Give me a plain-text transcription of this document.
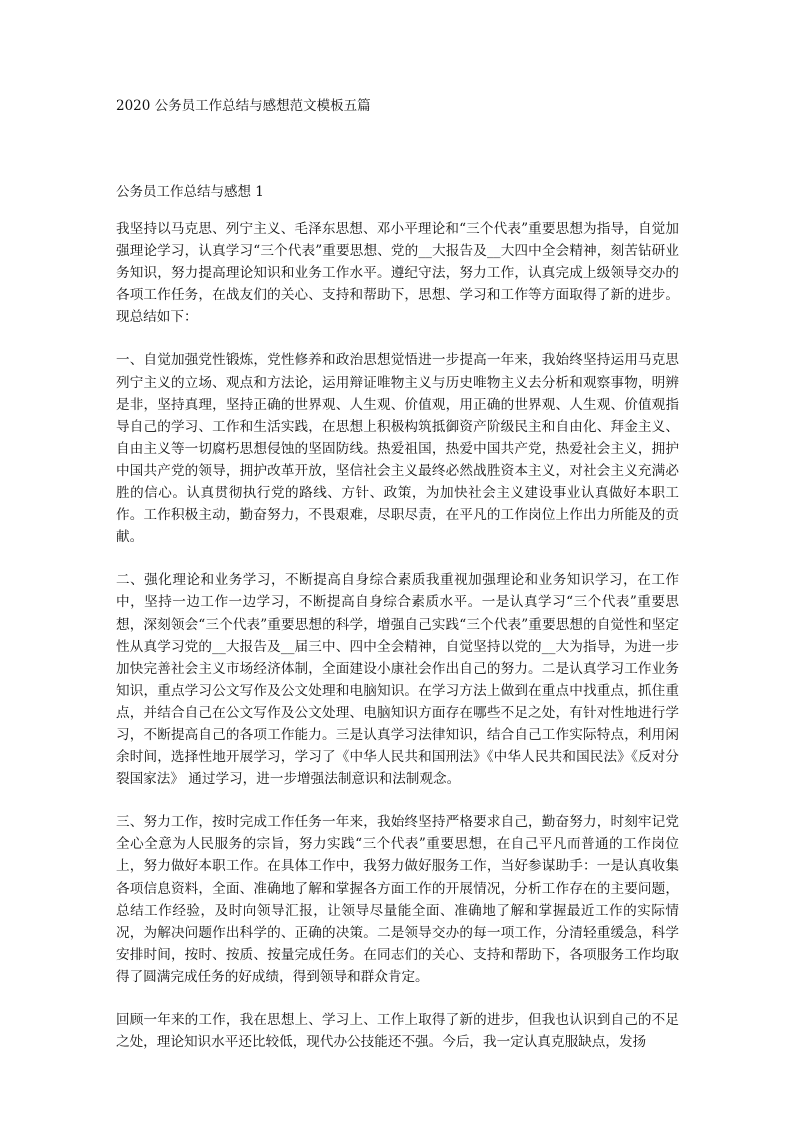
2020 公务员工作总结与感想范文模板五篇
公务员工作总结与感想 1

我坚持以马克思、列宁主义、毛泽东思想、邓小平理论和“三个代表”重要思想为指导，自觉加强理论学习，认真学习“三个代表”重要思想、党的__大报告及__大四中全会精神，刻苦钻研业务知识，努力提高理论知识和业务工作水平。遵纪守法，努力工作，认真完成上级领导交办的各项工作任务，在战友们的关心、支持和帮助下，思想、学习和工作等方面取得了新的进步。现总结如下：

一、自觉加强党性锻炼，党性修养和政治思想觉悟进一步提高一年来，我始终坚持运用马克思列宁主义的立场、观点和方法论，运用辩证唯物主义与历史唯物主义去分析和观察事物，明辨是非，坚持真理，坚持正确的世界观、人生观、价值观，用正确的世界观、人生观、价值观指导自己的学习、工作和生活实践，在思想上积极构筑抵御资产阶级民主和自由化、拜金主义、自由主义等一切腐朽思想侵蚀的坚固防线。热爱祖国，热爱中国共产党，热爱社会主义，拥护中国共产党的领导，拥护改革开放，坚信社会主义最终必然战胜资本主义，对社会主义充满必胜的信心。认真贯彻执行党的路线、方针、政策，为加快社会主义建设事业认真做好本职工作。工作积极主动，勤奋努力，不畏艰难，尽职尽责，在平凡的工作岗位上作出力所能及的贡献。

二、强化理论和业务学习，不断提高自身综合素质我重视加强理论和业务知识学习，在工作中，坚持一边工作一边学习，不断提高自身综合素质水平。一是认真学习“三个代表”重要思想，深刻领会“三个代表”重要思想的科学，增强自己实践“三个代表”重要思想的自觉性和坚定性从真学习党的__大报告及__届三中、四中全会精神，自觉坚持以党的__大为指导，为进一步加快完善社会主义市场经济体制，全面建设小康社会作出自己的努力。二是认真学习工作业务知识，重点学习公文写作及公文处理和电脑知识。在学习方法上做到在重点中找重点，抓住重点，并结合自己在公文写作及公文处理、电脑知识方面存在哪些不足之处，有针对性地进行学习，不断提高自己的各项工作能力。三是认真学习法律知识，结合自己工作实际特点，利用闲余时间，选择性地开展学习，学习了《中华人民共和国刑法》《中华人民共和国民法》《反对分裂国家法》 通过学习，进一步增强法制意识和法制观念。

三、努力工作，按时完成工作任务一年来，我始终坚持严格要求自己，勤奋努力，时刻牢记党全心全意为人民服务的宗旨，努力实践“三个代表”重要思想，在自己平凡而普通的工作岗位上，努力做好本职工作。在具体工作中，我努力做好服务工作，当好参谋助手：一是认真收集各项信息资料，全面、准确地了解和掌握各方面工作的开展情况，分析工作存在的主要问题，总结工作经验，及时向领导汇报，让领导尽量能全面、准确地了解和掌握最近工作的实际情况，为解决问题作出科学的、正确的决策。二是领导交办的每一项工作，分清轻重缓急，科学安排时间，按时、按质、按量完成任务。在同志们的关心、支持和帮助下，各项服务工作均取得了圆满完成任务的好成绩，得到领导和群众肯定。

回顾一年来的工作，我在思想上、学习上、工作上取得了新的进步，但我也认识到自己的不足之处，理论知识水平还比较低，现代办公技能还不强。今后，我一定认真克服缺点，发扬
